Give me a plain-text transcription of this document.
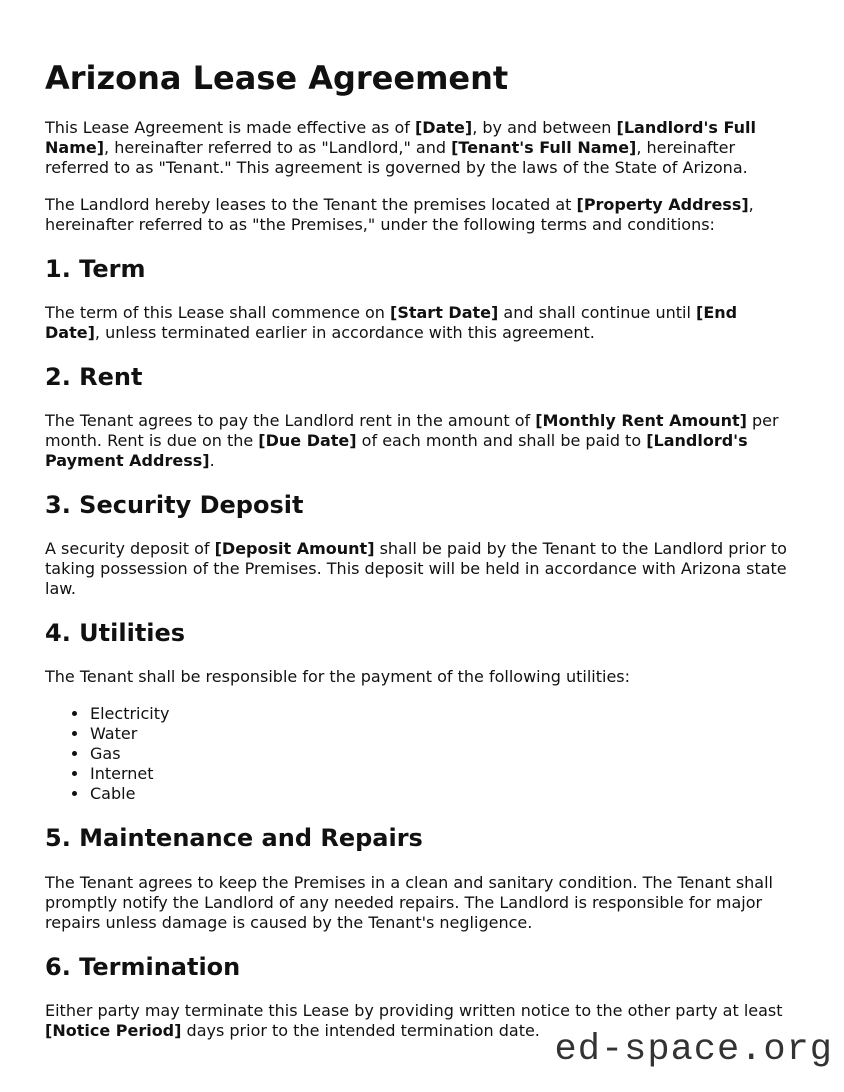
Arizona Lease Agreement

This Lease Agreement is made effective as of [Date], by and between [Landlord's Full Name], hereinafter referred to as "Landlord," and [Tenant's Full Name], hereinafter referred to as "Tenant." This agreement is governed by the laws of the State of Arizona.

The Landlord hereby leases to the Tenant the premises located at [Property Address], hereinafter referred to as "the Premises," under the following terms and conditions:

1. Term

The term of this Lease shall commence on [Start Date] and shall continue until [End Date], unless terminated earlier in accordance with this agreement.

2. Rent

The Tenant agrees to pay the Landlord rent in the amount of [Monthly Rent Amount] per month. Rent is due on the [Due Date] of each month and shall be paid to [Landlord's Payment Address].

3. Security Deposit

A security deposit of [Deposit Amount] shall be paid by the Tenant to the Landlord prior to taking possession of the Premises. This deposit will be held in accordance with Arizona state law.

4. Utilities

The Tenant shall be responsible for the payment of the following utilities:

• Electricity
• Water
• Gas
• Internet
• Cable
5. Maintenance and Repairs

The Tenant agrees to keep the Premises in a clean and sanitary condition. The Tenant shall promptly notify the Landlord of any needed repairs. The Landlord is responsible for major repairs unless damage is caused by the Tenant's negligence.

6. Termination

Either party may terminate this Lease by providing written notice to the other party at least [Notice Period] days prior to the intended termination date. ed-space.org
